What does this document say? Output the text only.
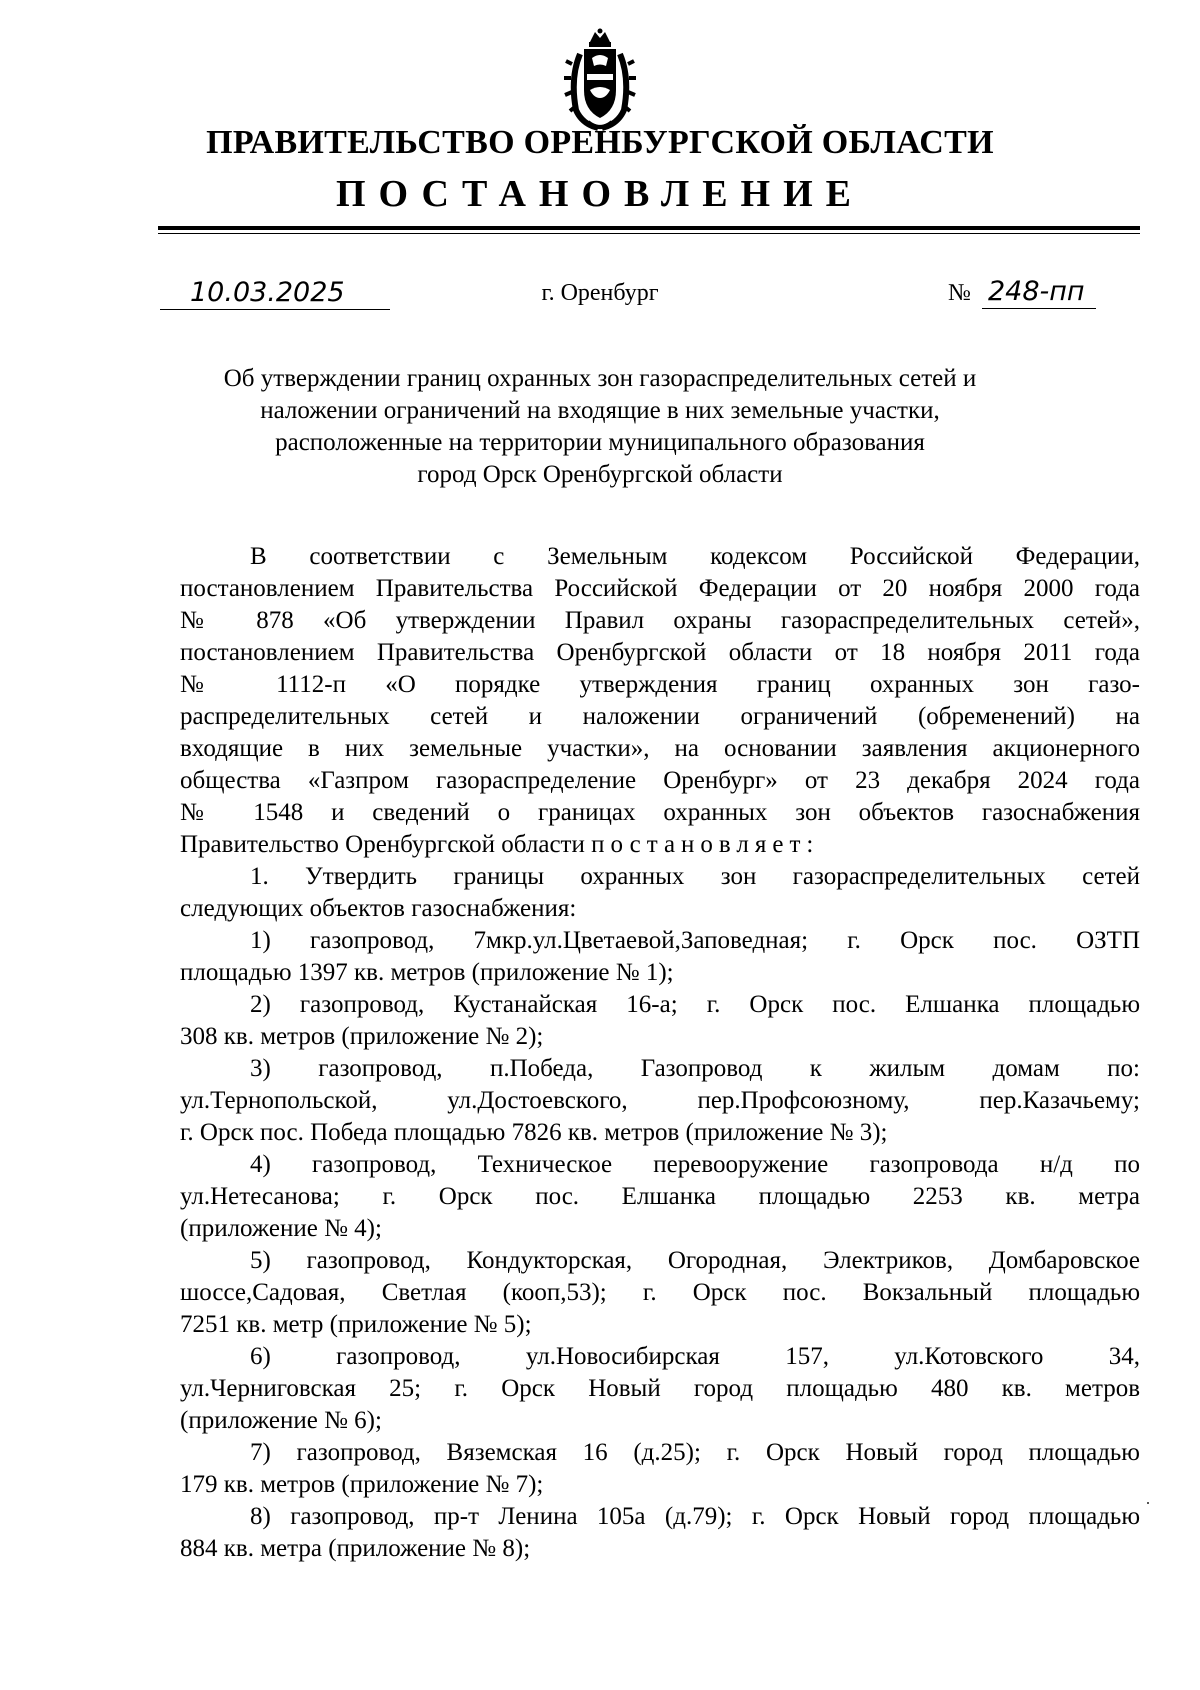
ПРАВИТЕЛЬСТВО ОРЕНБУРГСКОЙ ОБЛАСТИ
ПОСТАНОВЛЕНИЕ
10.03.2025	г. Оренбург	№ 248-пп
Об утверждении границ охранных зон газораспределительных сетей и
наложении ограничений на входящие в них земельные участки,
расположенные на территории муниципального образования
город Орск Оренбургской области
В соответствии с Земельным кодексом Российской Федерации,
постановлением Правительства Российской Федерации от 20 ноября 2000 года
№ 878 «Об утверждении Правил охраны газораспределительных сетей»,
постановлением Правительства Оренбургской области от 18 ноября 2011 года
№ 1112-п «О порядке утверждения границ охранных зон газо-
распределительных сетей и наложении ограничений (обременений) на
входящие в них земельные участки», на основании заявления акционерного
общества «Газпром газораспределение Оренбург» от 23 декабря 2024 года
№ 1548 и сведений о границах охранных зон объектов газоснабжения
Правительство Оренбургской области постановляет:
1. Утвердить границы охранных зон газораспределительных сетей
следующих объектов газоснабжения:
1) газопровод, 7мкр.ул.Цветаевой,Заповедная; г. Орск пос. ОЗТП
площадью 1397 кв. метров (приложение № 1);
2) газопровод, Кустанайская 16-а; г. Орск пос. Елшанка площадью
308 кв. метров (приложение № 2);
3) газопровод, п.Победа, Газопровод к жилым домам по:
ул.Тернопольской, ул.Достоевского, пер.Профсоюзному, пер.Казачьему;
г. Орск пос. Победа площадью 7826 кв. метров (приложение № 3);
4) газопровод, Техническое перевооружение газопровода н/д по
ул.Нетесанова; г. Орск пос. Елшанка площадью 2253 кв. метра
(приложение № 4);
5) газопровод, Кондукторская, Огородная, Электриков, Домбаровское
шоссе,Садовая, Светлая (кооп,53); г. Орск пос. Вокзальный площадью
7251 кв. метр (приложение № 5);
6) газопровод, ул.Новосибирская 157, ул.Котовского 34,
ул.Черниговская 25; г. Орск Новый город площадью 480 кв. метров
(приложение № 6);
7) газопровод, Вяземская 16 (д.25); г. Орск Новый город площадью
179 кв. метров (приложение № 7);
8) газопровод, пр-т Ленина 105а (д.79); г. Орск Новый город площадью
884 кв. метра (приложение № 8);
